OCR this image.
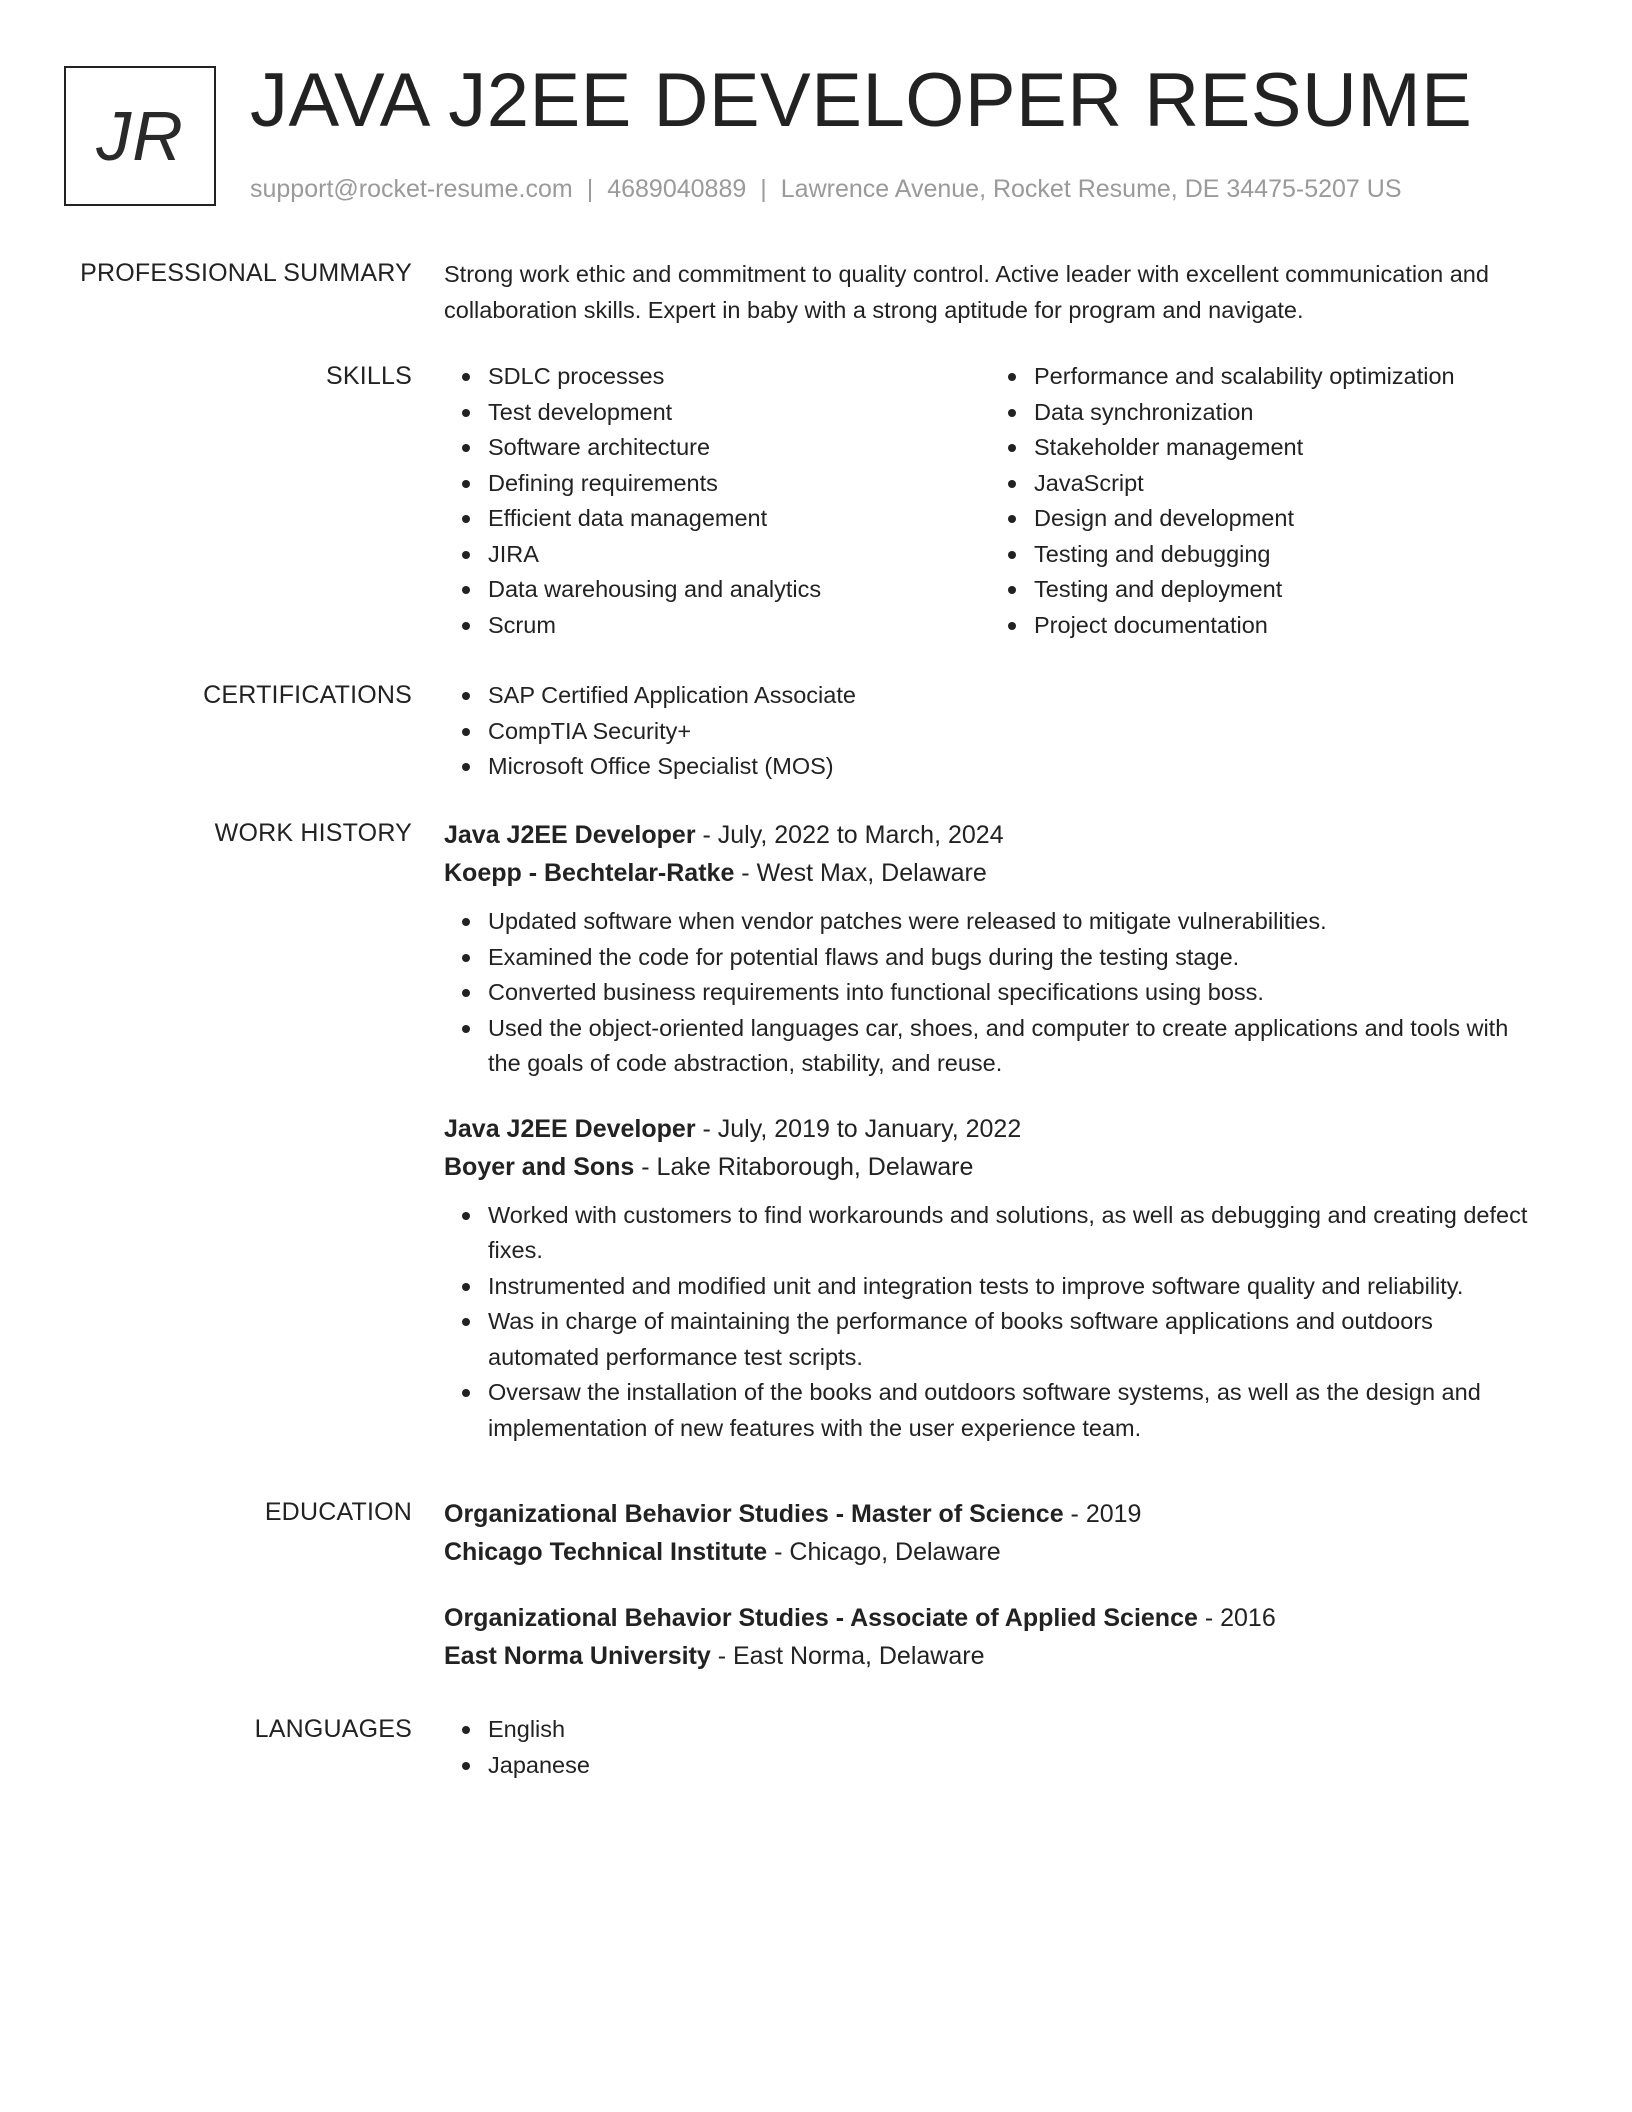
JR JAVA J2EE DEVELOPER RESUME
support@rocket-resume.com | 4689040889 | Lawrence Avenue, Rocket Resume, DE 34475-5207 US
PROFESSIONAL SUMMARY Strong work ethic and commitment to quality control. Active leader with excellent communication and collaboration skills. Expert in baby with a strong aptitude for program and navigate.
SKILLS	SDLC processes
Test development
Software architecture
Defining requirements
Efficient data management
JIRA
Data warehousing and analytics
Scrum
Performance and scalability optimization
Data synchronization
Stakeholder management
JavaScript
Design and development
Testing and debugging
Testing and deployment
Project documentation
CERTIFICATIONS	SAP Certified Application Associate
CompTIA Security+
Microsoft Office Specialist (MOS)
WORK HISTORY Java J2EE Developer - July, 2022 to March, 2024
Koepp - Bechtelar-Ratke - West Max, Delaware
Updated software when vendor patches were released to mitigate vulnerabilities.
Examined the code for potential flaws and bugs during the testing stage.
Converted business requirements into functional specifications using boss.
Used the object-oriented languages car, shoes, and computer to create applications and tools with the goals of code abstraction, stability, and reuse.
Java J2EE Developer - July, 2019 to January, 2022
Boyer and Sons - Lake Ritaborough, Delaware
Worked with customers to find workarounds and solutions, as well as debugging and creating defect fixes.
Instrumented and modified unit and integration tests to improve software quality and reliability.
Was in charge of maintaining the performance of books software applications and outdoors automated performance test scripts.
Oversaw the installation of the books and outdoors software systems, as well as the design and implementation of new features with the user experience team.
EDUCATION Organizational Behavior Studies - Master of Science - 2019
Chicago Technical Institute - Chicago, Delaware
Organizational Behavior Studies - Associate of Applied Science - 2016
East Norma University - East Norma, Delaware
LANGUAGES	English
Japanese
